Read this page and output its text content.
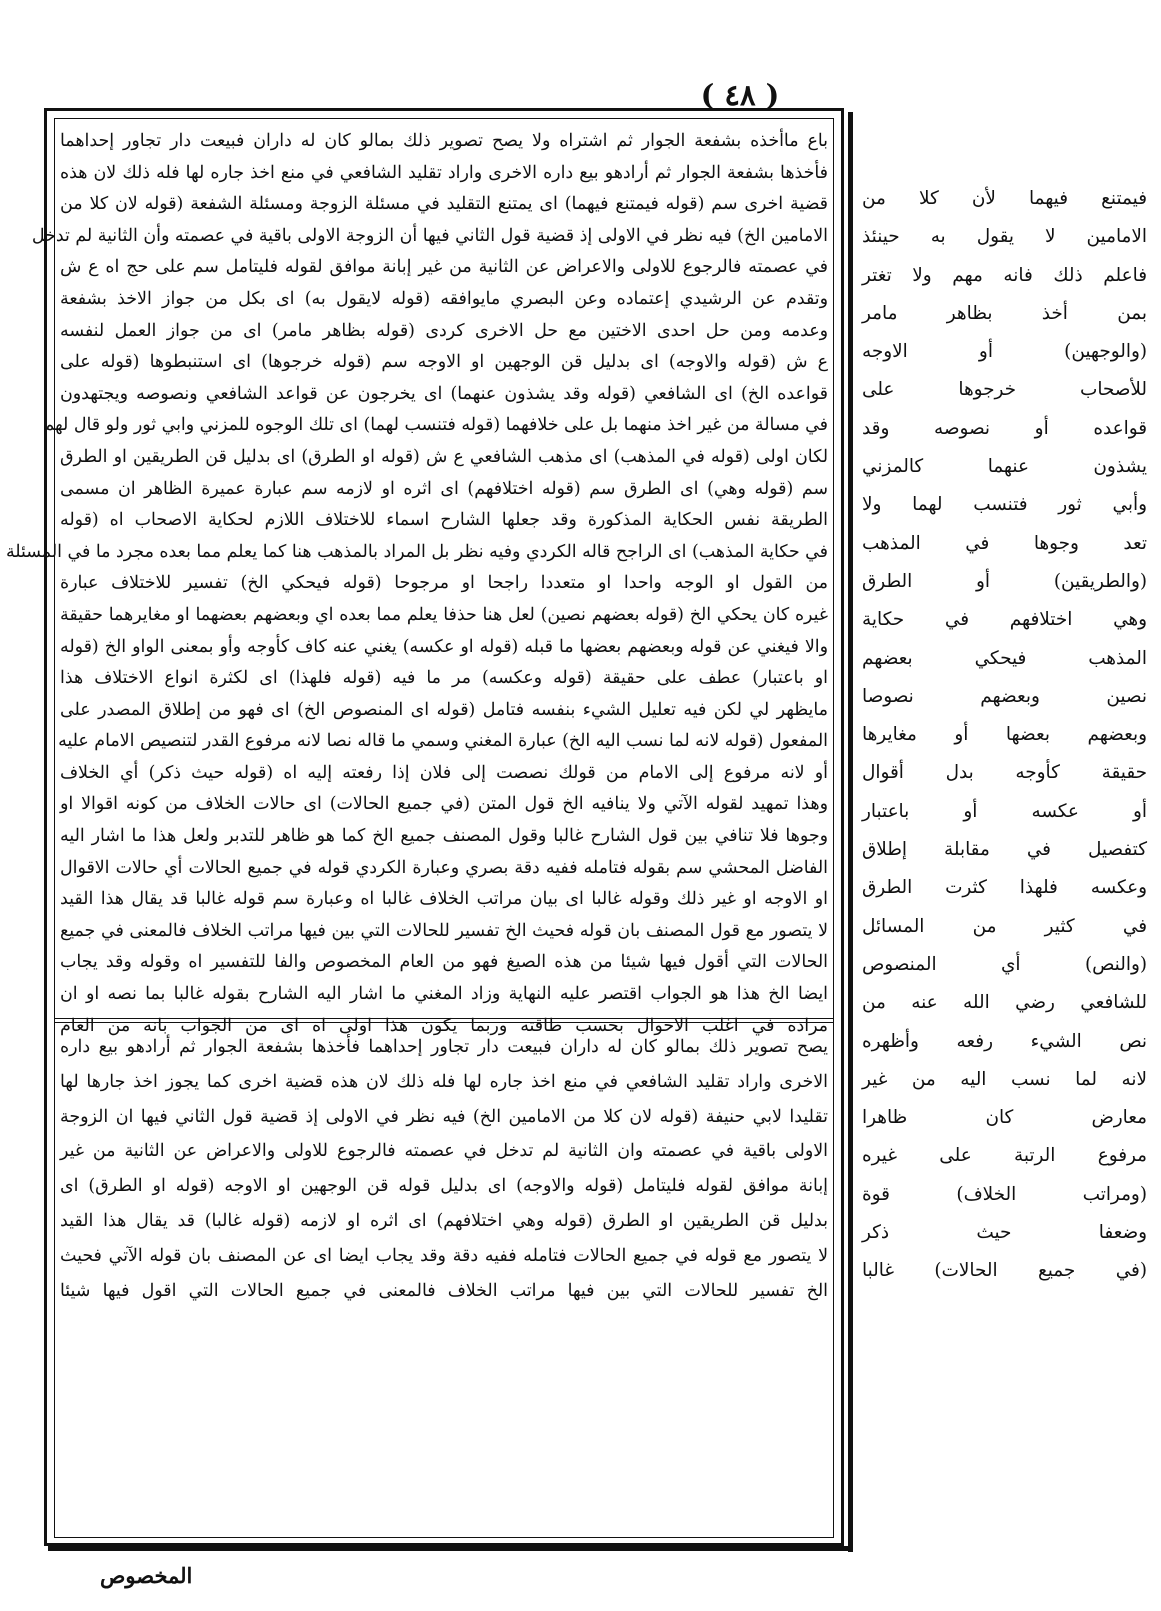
( ٤٨ )
باع ماأخذه بشفعة الجوار ثم اشتراه ولا يصح تصوير ذلك بمالو كان له داران فبيعت دار تجاور إحداهما
فأخذها بشفعة الجوار ثم أرادهو بيع داره الاخرى واراد تقليد الشافعي في منع اخذ جاره لها فله ذلك لان هذه
قضية اخرى سم (قوله فيمتنع فيهما) اى يمتنع التقليد في مسئلة الزوجة ومسئلة الشفعة (قوله لان كلا من
الامامين الخ) فيه نظر في الاولى إذ قضية قول الثاني فيها أن الزوجة الاولى باقية في عصمته وأن الثانية لم تدخل
في عصمته فالرجوع للاولى والاعراض عن الثانية من غير إبانة موافق لقوله فليتامل سم على حج اه ع ش
وتقدم عن الرشيدي إعتماده وعن البصري مايوافقه (قوله لايقول به) اى بكل من جواز الاخذ بشفعة
وعدمه ومن حل احدى الاختين مع حل الاخرى كردى (قوله بظاهر مامر) اى من جواز العمل لنفسه
ع ش (قوله والاوجه) اى بدليل قن الوجهين او الاوجه سم (قوله خرجوها) اى استنبطوها (قوله على
قواعده الخ) اى الشافعي (قوله وقد يشذون عنهما) اى يخرجون عن قواعد الشافعي ونصوصه ويجتهدون
في مسالة من غير اخذ منهما بل على خلافهما (قوله فتنسب لهما) اى تلك الوجوه للمزني وابي ثور ولو قال لهم
لكان اولى (قوله في المذهب) اى مذهب الشافعي ع ش (قوله او الطرق) اى بدليل قن الطريقين او الطرق
سم (قوله وهي) اى الطرق سم (قوله اختلافهم) اى اثره او لازمه سم عبارة عميرة الظاهر ان مسمى
الطريقة نفس الحكاية المذكورة وقد جعلها الشارح اسماء للاختلاف اللازم لحكاية الاصحاب اه (قوله
في حكاية المذهب) اى الراجح قاله الكردي وفيه نظر بل المراد بالمذهب هنا كما يعلم مما بعده مجرد ما في المسئلة
من القول او الوجه واحدا او متعددا راجحا او مرجوحا (قوله فيحكي الخ) تفسير للاختلاف عبارة
غيره كان يحكي الخ (قوله بعضهم نصين) لعل هنا حذفا يعلم مما بعده اي وبعضهم بعضهما او مغايرهما حقيقة
والا فيغني عن قوله وبعضهم بعضها ما قبله (قوله او عكسه) يغني عنه كاف كأوجه وأو بمعنى الواو الخ (قوله
او باعتبار) عطف على حقيقة (قوله وعكسه) مر ما فيه (قوله فلهذا) اى لكثرة انواع الاختلاف هذا
مايظهر لي لكن فيه تعليل الشيء بنفسه فتامل (قوله اى المنصوص الخ) اى فهو من إطلاق المصدر على
المفعول (قوله لانه لما نسب اليه الخ) عبارة المغني وسمي ما قاله نصا لانه مرفوع القدر لتنصيص الامام عليه
أو لانه مرفوع إلى الامام من قولك نصصت إلى فلان إذا رفعته إليه اه (قوله حيث ذكر) أي الخلاف
وهذا تمهيد لقوله الآتي ولا ينافيه الخ قول المتن (في جميع الحالات) اى حالات الخلاف من كونه اقوالا او
وجوها فلا تنافي بين قول الشارح غالبا وقول المصنف جميع الخ كما هو ظاهر للتدبر ولعل هذا ما اشار اليه
الفاضل المحشي سم بقوله فتامله ففيه دقة بصري وعبارة الكردي قوله في جميع الحالات أي حالات الاقوال
او الاوجه او غير ذلك وقوله غالبا اى بيان مراتب الخلاف غالبا اه وعبارة سم قوله غالبا قد يقال هذا القيد
لا يتصور مع قول المصنف بان قوله فحيث الخ تفسير للحالات التي بين فيها مراتب الخلاف فالمعنى في جميع
الحالات التي أقول فيها شيئا من هذه الصيغ فهو من العام المخصوص والفا للتفسير اه وقوله وقد يجاب
ايضا الخ هذا هو الجواب اقتصر عليه النهاية وزاد المغني ما اشار اليه الشارح بقوله غالبا بما نصه او ان
مراده في اغلب الاحوال بحسب طاقته وربما يكون هذا اولى اه اى من الجواب بانه من العام
يصح تصوير ذلك بمالو كان له داران فبيعت دار تجاور إحداهما فأخذها بشفعة الجوار ثم أرادهو بيع داره
الاخرى واراد تقليد الشافعي في منع اخذ جاره لها فله ذلك لان هذه قضية اخرى كما يجوز اخذ جارها لها
تقليدا لابي حنيفة (قوله لان كلا من الامامين الخ) فيه نظر في الاولى إذ قضية قول الثاني فيها ان الزوجة
الاولى باقية في عصمته وان الثانية لم تدخل في عصمته فالرجوع للاولى والاعراض عن الثانية من غير
إبانة موافق لقوله فليتامل (قوله والاوجه) اى بدليل قوله قن الوجهين او الاوجه (قوله او الطرق) اى
بدليل قن الطريقين او الطرق (قوله وهي اختلافهم) اى اثره او لازمه (قوله غالبا) قد يقال هذا القيد
لا يتصور مع قوله في جميع الحالات فتامله ففيه دقة وقد يجاب ايضا اى عن المصنف بان قوله الآتي فحيث
الخ تفسير للحالات التي بين فيها مراتب الخلاف فالمعنى في جميع الحالات التي اقول فيها شيئا
فيمتنع فيهما لأن كلا من
الامامين لا يقول به حينئذ
فاعلم ذلك فانه مهم ولا تغتر
بمن أخذ بظاهر مامر
(والوجهين) أو الاوجه
للأصحاب خرجوها على
قواعده أو نصوصه وقد
يشذون عنهما كالمزني
وأبي ثور فتنسب لهما ولا
تعد وجوها في المذهب
(والطريقين) أو الطرق
وهي اختلافهم في حكاية
المذهب فيحكي بعضهم
نصين وبعضهم نصوصا
وبعضهم بعضها أو مغايرها
حقيقة كأوجه بدل أقوال
أو عكسه أو باعتبار
كتفصيل في مقابلة إطلاق
وعكسه فلهذا كثرت الطرق
في كثير من المسائل
(والنص) أي المنصوص
للشافعي رضي الله عنه من
نص الشيء رفعه وأظهره
لانه لما نسب اليه من غير
معارض كان ظاهرا
مرفوع الرتبة على غيره
(ومراتب الخلاف) قوة
وضعفا حيث ذكر
(في جميع الحالات) غالبا
المخصوص
